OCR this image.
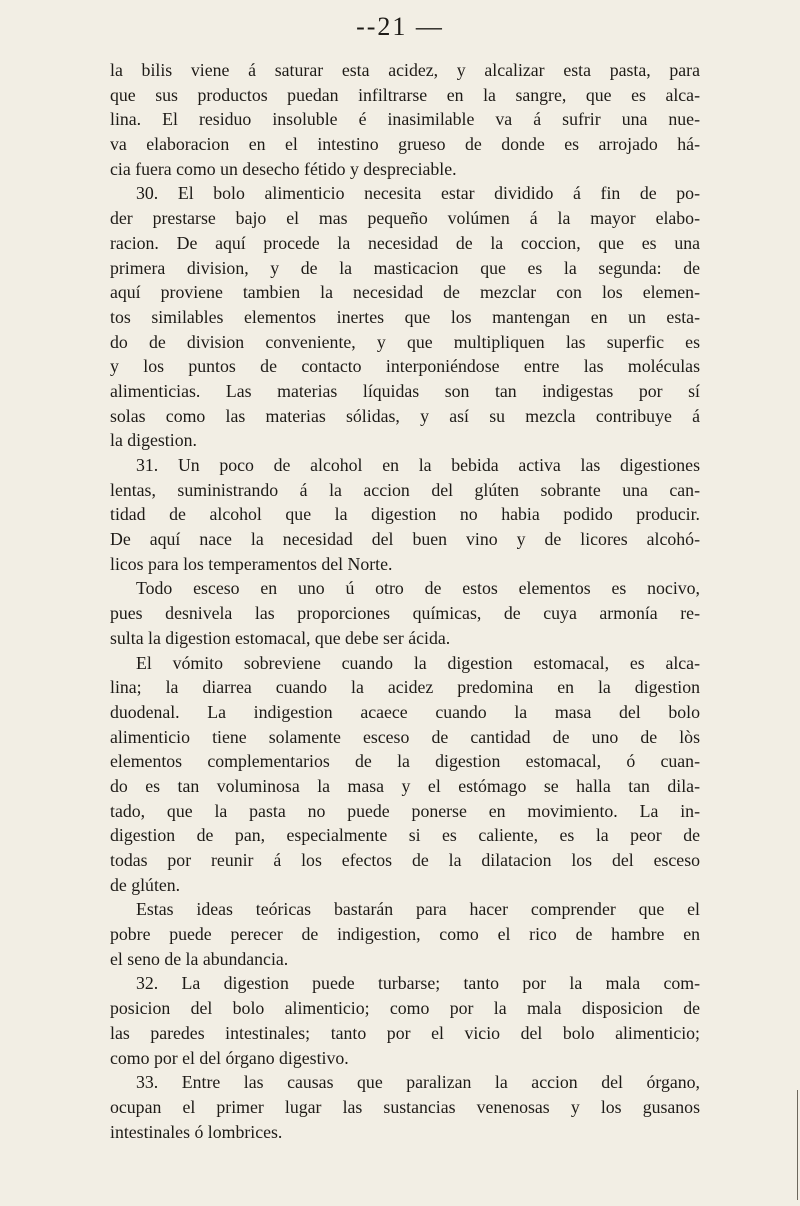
--21 —
la bilis viene á saturar esta acidez, y alcalizar esta pasta, para
que sus productos puedan infiltrarse en la sangre, que es alca-
lina. El residuo insoluble é inasimilable va á sufrir una nue-
va elaboracion en el intestino grueso de donde es arrojado há-
cia fuera como un desecho fétido y despreciable.
30. El bolo alimenticio necesita estar dividido á fin de po-
der prestarse bajo el mas pequeño volúmen á la mayor elabo-
racion. De aquí procede la necesidad de la coccion, que es una
primera division, y de la masticacion que es la segunda: de
aquí proviene tambien la necesidad de mezclar con los elemen-
tos similables elementos inertes que los mantengan en un esta-
do de division conveniente, y que multipliquen las superfic es
y los puntos de contacto interponiéndose entre las moléculas
alimenticias. Las materias líquidas son tan indigestas por sí
solas como las materias sólidas, y así su mezcla contribuye á
la digestion.
31. Un poco de alcohol en la bebida activa las digestiones
lentas, suministrando á la accion del glúten sobrante una can-
tidad de alcohol que la digestion no habia podido producir.
De aquí nace la necesidad del buen vino y de licores alcohó-
licos para los temperamentos del Norte.
Todo esceso en uno ú otro de estos elementos es nocivo,
pues desnivela las proporciones químicas, de cuya armonía re-
sulta la digestion estomacal, que debe ser ácida.
El vómito sobreviene cuando la digestion estomacal, es alca-
lina; la diarrea cuando la acidez predomina en la digestion
duodenal. La indigestion acaece cuando la masa del bolo
alimenticio tiene solamente esceso de cantidad de uno de lòs
elementos complementarios de la digestion estomacal, ó cuan-
do es tan voluminosa la masa y el estómago se halla tan dila-
tado, que la pasta no puede ponerse en movimiento. La in-
digestion de pan, especialmente si es caliente, es la peor de
todas por reunir á los efectos de la dilatacion los del esceso
de glúten.
Estas ideas teóricas bastarán para hacer comprender que el
pobre puede perecer de indigestion, como el rico de hambre en
el seno de la abundancia.
32. La digestion puede turbarse; tanto por la mala com-
posicion del bolo alimenticio; como por la mala disposicion de
las paredes intestinales; tanto por el vicio del bolo alimenticio;
como por el del órgano digestivo.
33. Entre las causas que paralizan la accion del órgano,
ocupan el primer lugar las sustancias venenosas y los gusanos
intestinales ó lombrices.
